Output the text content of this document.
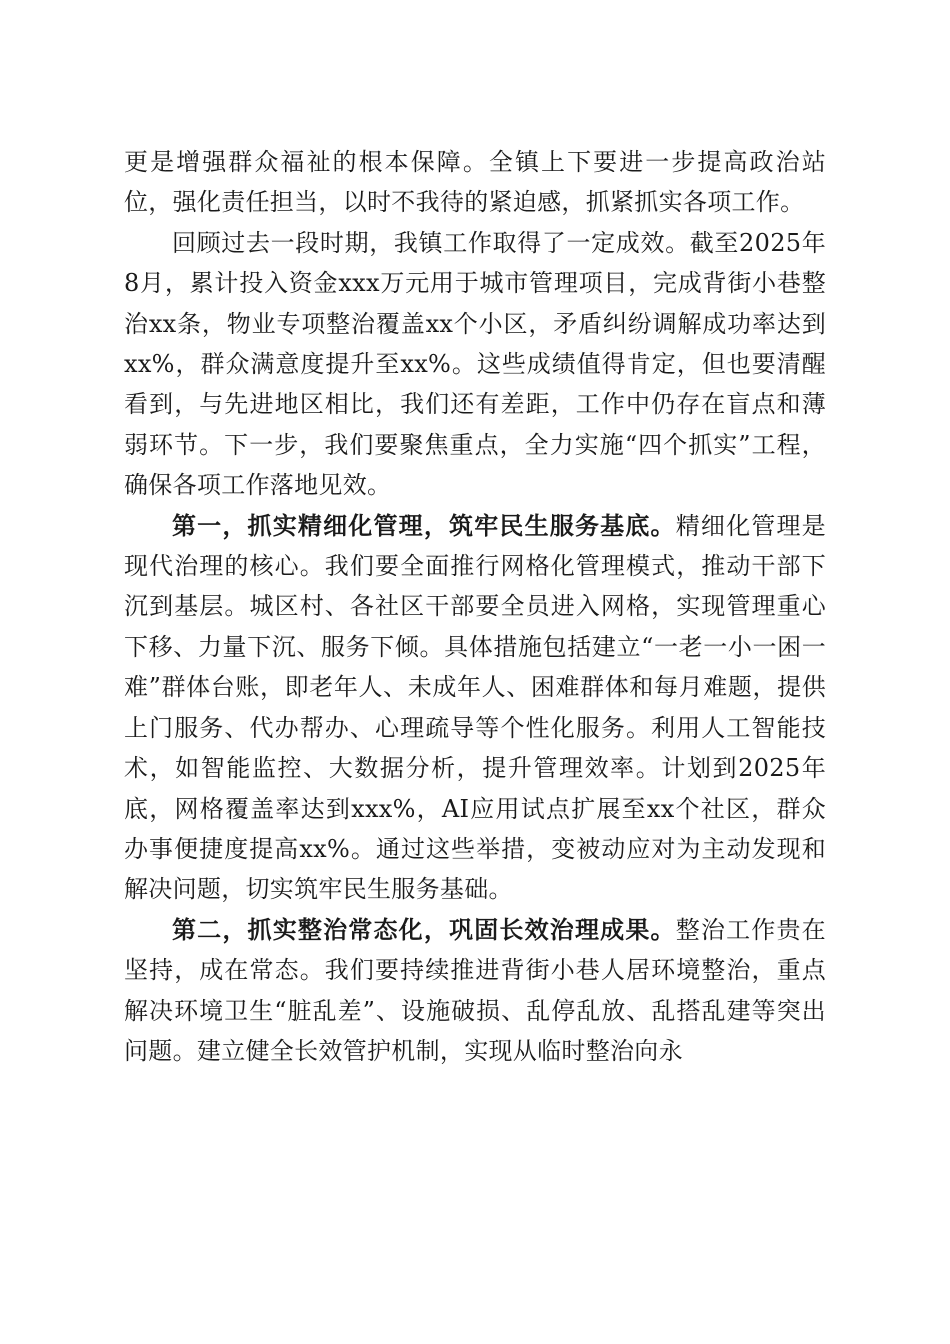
更是增强群众福祉的根本保障。全镇上下要进一步提高政治站位，强化责任担当，以时不我待的紧迫感，抓紧抓实各项工作。

回顾过去一段时期，我镇工作取得了一定成效。截至2025年8月，累计投入资金xxx万元用于城市管理项目，完成背街小巷整治xx条，物业专项整治覆盖xx个小区，矛盾纠纷调解成功率达到xx%，群众满意度提升至xx%。这些成绩值得肯定，但也要清醒看到，与先进地区相比，我们还有差距，工作中仍存在盲点和薄弱环节。下一步，我们要聚焦重点，全力实施“四个抓实”工程，确保各项工作落地见效。

第一，抓实精细化管理，筑牢民生服务基底。精细化管理是现代治理的核心。我们要全面推行网格化管理模式，推动干部下沉到基层。城区村、各社区干部要全员进入网格，实现管理重心下移、力量下沉、服务下倾。具体措施包括建立“一老一小一困一难”群体台账，即老年人、未成年人、困难群体和每月难题，提供上门服务、代办帮办、心理疏导等个性化服务。利用人工智能技术，如智能监控、大数据分析，提升管理效率。计划到2025年底，网格覆盖率达到xxx%，AI应用试点扩展至xx个社区，群众办事便捷度提高xx%。通过这些举措，变被动应对为主动发现和解决问题，切实筑牢民生服务基础。

第二，抓实整治常态化，巩固长效治理成果。整治工作贵在坚持，成在常态。我们要持续推进背街小巷人居环境整治，重点解决环境卫生“脏乱差”、设施破损、乱停乱放、乱搭乱建等突出问题。建立健全长效管护机制，实现从临时整治向永
